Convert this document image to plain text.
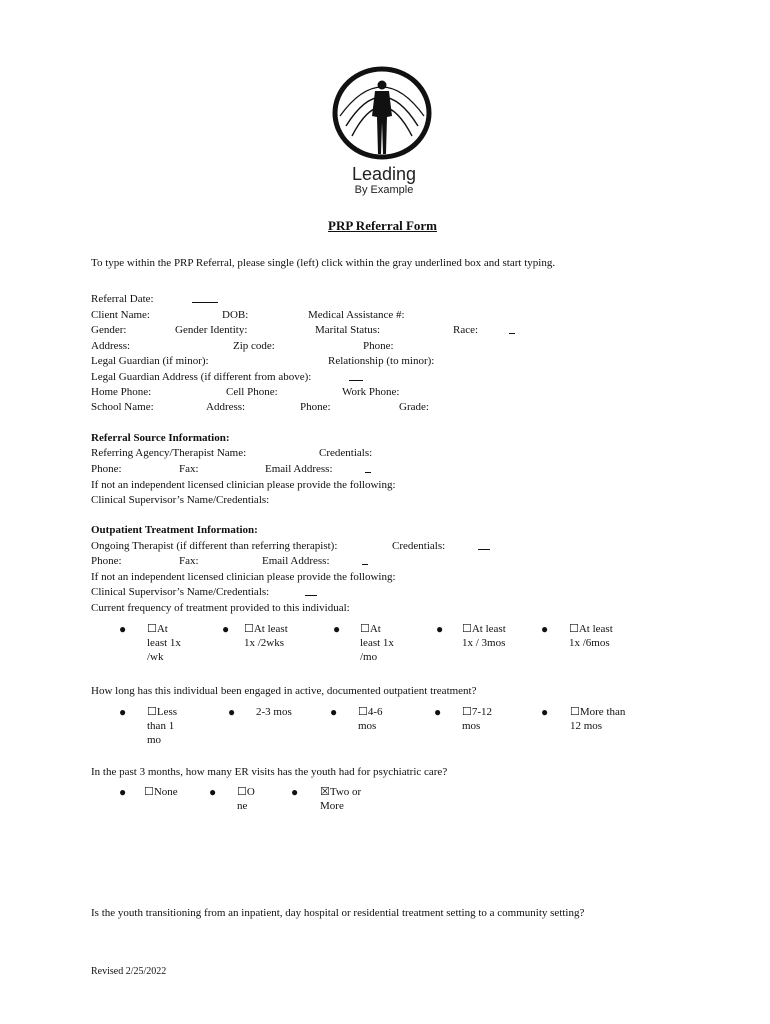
Leading
By Example
PRP Referral Form
To type within the PRP Referral, please single (left) click within the gray underlined box and start typing.
Referral Date:
Client Name:	DOB:	Medical Assistance #:
Gender:	Gender Identity:	Marital Status:	Race:
Address:	Zip code:	Phone:
Legal Guardian (if minor):	Relationship (to minor):
Legal Guardian Address (if different from above):
Home Phone:	Cell Phone:	Work Phone:
School Name:	Address:	Phone:	Grade:
Referral Source Information:
Referring Agency/Therapist Name:	Credentials:
Phone:	Fax:	Email Address:
If not an independent licensed clinician please provide the following:
Clinical Supervisor’s Name/Credentials:
Outpatient Treatment Information:
Ongoing Therapist (if different than referring therapist):	Credentials:
Phone:	Fax:	Email Address:
If not an independent licensed clinician please provide the following:
Clinical Supervisor’s Name/Credentials:
Current frequency of treatment provided to this individual:
● ☐At least 1x /wk
● ☐At least 1x /2wks
● ☐At least 1x /mo
● ☐At least 1x / 3mos
● ☐At least 1x /6mos
How long has this individual been engaged in active, documented outpatient treatment?
● ☐Less than 1 mo
● 2-3 mos	● ☐4-6 mos
● ☐7-12 mos
● ☐More than 12 mos
In the past 3 months, how many ER visits has the youth had for psychiatric care?
● ☐None	● ☐One
● ☒Two or More
Is the youth transitioning from an inpatient, day hospital or residential treatment setting to a community setting?
Revised 2/25/2022
